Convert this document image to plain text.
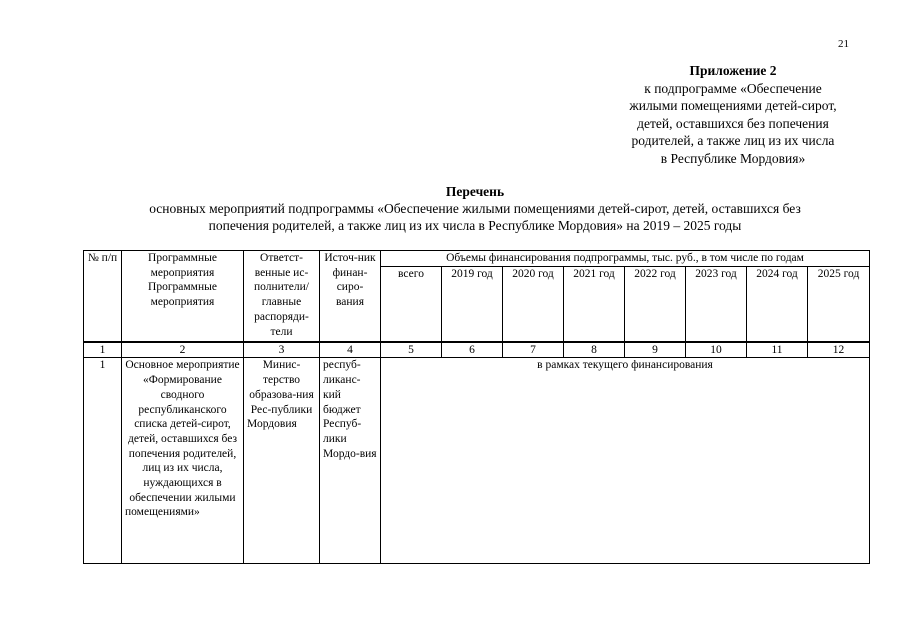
21
Приложение 2
к подпрограмме «Обеспечение
жилыми помещениями детей-сирот,
детей, оставшихся без попечения
родителей, а также лиц из их числа
в Республике Мордовия»
Перечень
основных мероприятий подпрограммы «Обеспечение жилыми помещениями детей-сирот, детей, оставшихся без
попечения родителей, а также лиц из их числа в Республике Мордовия» на 2019 – 2025 годы
№ п/п	Программные мероприятия Программные мероприятия	Ответст-венные ис-полнители/ главные распоряди-тели	Источ-ник финан-сиро-вания	Объемы финансирования подпрограммы, тыс. руб., в том числе по годам							
				всего	2019 год	2020 год	2021 год	2022 год	2023 год	2024 год	2025 год
1	2	3	4	5	6	7	8	9	10	11	12
1	Основное мероприятие «Формирование сводного республиканского списка детей-сирот, детей, оставшихся без попечения родителей, лиц из их числа, нуждающихся в обеспечении жилыми помещениями»	Минис-терство образова-ния Рес-публики Мордовия	респуб-ликанс-кий бюджет Респуб-лики Мордо-вия	в рамках текущего финансирования							
